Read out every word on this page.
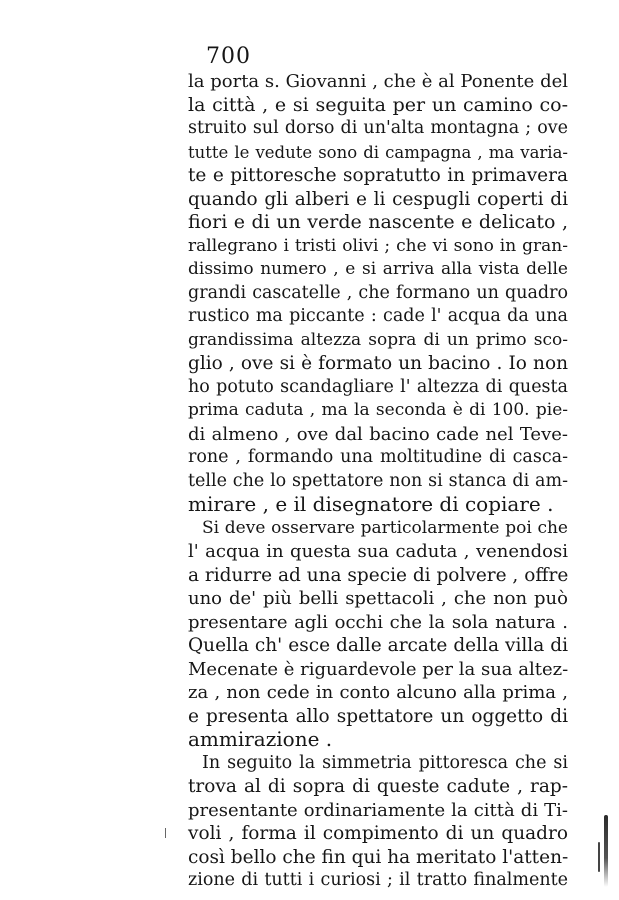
700
la porta s. Giovanni , che è al Ponente del
la città , e si seguita per un camino co-
struito sul dorso di un'alta montagna ; ove
tutte le vedute sono di campagna , ma varia-
te e pittoresche sopratutto in primavera
quando gli alberi e li cespugli coperti di
fiori e di un verde nascente e delicato ,
rallegrano i tristi olivi ; che vi sono in gran-
dissimo numero , e si arriva alla vista delle
grandi cascatelle , che formano un quadro
rustico ma piccante : cade l' acqua da una
grandissima altezza sopra di un primo sco-
glio , ove si è formato un bacino . Io non
ho potuto scandagliare l' altezza di questa
prima caduta , ma la seconda è di 100. pie-
di almeno , ove dal bacino cade nel Teve-
rone , formando una moltitudine di casca-
telle che lo spettatore non si stanca di am-
mirare , e il disegnatore di copiare .
Si deve osservare particolarmente poi che
l' acqua in questa sua caduta , venendosi
a ridurre ad una specie di polvere , offre
uno de' più belli spettacoli , che non può
presentare agli occhi che la sola natura .
Quella ch' esce dalle arcate della villa di
Mecenate è riguardevole per la sua altez-
za , non cede in conto alcuno alla prima ,
e presenta allo spettatore un oggetto di
ammirazione .
In seguito la simmetria pittoresca che si
trova al di sopra di queste cadute , rap-
presentante ordinariamente la città di Ti-
voli , forma il compimento di un quadro
così bello che fin qui ha meritato l'atten-
zione di tutti i curiosi ; il tratto finalmente
